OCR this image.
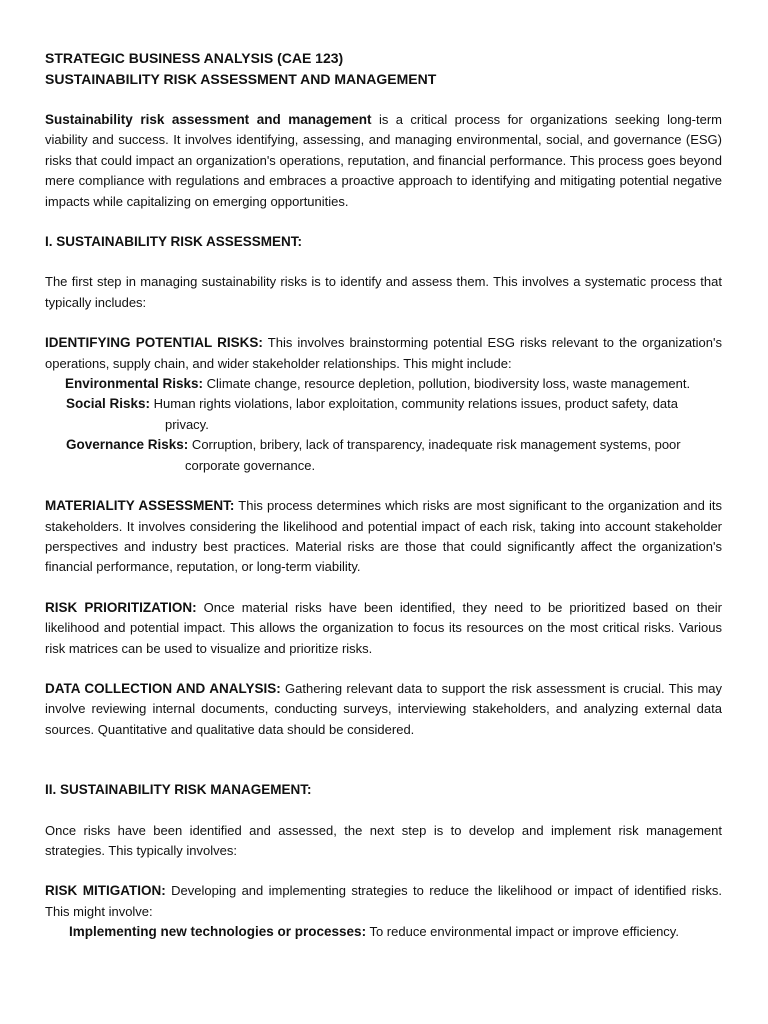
STRATEGIC BUSINESS ANALYSIS (CAE 123)

SUSTAINABILITY RISK ASSESSMENT AND MANAGEMENT

Sustainability risk assessment and management is a critical process for organizations seeking long-term viability and success. It involves identifying, assessing, and managing environmental, social, and governance (ESG) risks that could impact an organization's operations, reputation, and financial performance. This process goes beyond mere compliance with regulations and embraces a proactive approach to identifying and mitigating potential negative impacts while capitalizing on emerging opportunities.

I. SUSTAINABILITY RISK ASSESSMENT:

The first step in managing sustainability risks is to identify and assess them. This involves a systematic process that typically includes:

IDENTIFYING POTENTIAL RISKS: This involves brainstorming potential ESG risks relevant to the organization's operations, supply chain, and wider stakeholder relationships. This might include:

Environmental Risks: Climate change, resource depletion, pollution, biodiversity loss, waste management.

Social Risks: Human rights violations, labor exploitation, community relations issues, product safety, data privacy.

Governance Risks: Corruption, bribery, lack of transparency, inadequate risk management systems, poor corporate governance.

MATERIALITY ASSESSMENT: This process determines which risks are most significant to the organization and its stakeholders. It involves considering the likelihood and potential impact of each risk, taking into account stakeholder perspectives and industry best practices. Material risks are those that could significantly affect the organization's financial performance, reputation, or long-term viability.

RISK PRIORITIZATION: Once material risks have been identified, they need to be prioritized based on their likelihood and potential impact. This allows the organization to focus its resources on the most critical risks. Various risk matrices can be used to visualize and prioritize risks.

DATA COLLECTION AND ANALYSIS: Gathering relevant data to support the risk assessment is crucial. This may involve reviewing internal documents, conducting surveys, interviewing stakeholders, and analyzing external data sources. Quantitative and qualitative data should be considered.

II. SUSTAINABILITY RISK MANAGEMENT:

Once risks have been identified and assessed, the next step is to develop and implement risk management strategies. This typically involves:

RISK MITIGATION: Developing and implementing strategies to reduce the likelihood or impact of identified risks. This might involve:

Implementing new technologies or processes: To reduce environmental impact or improve efficiency.
